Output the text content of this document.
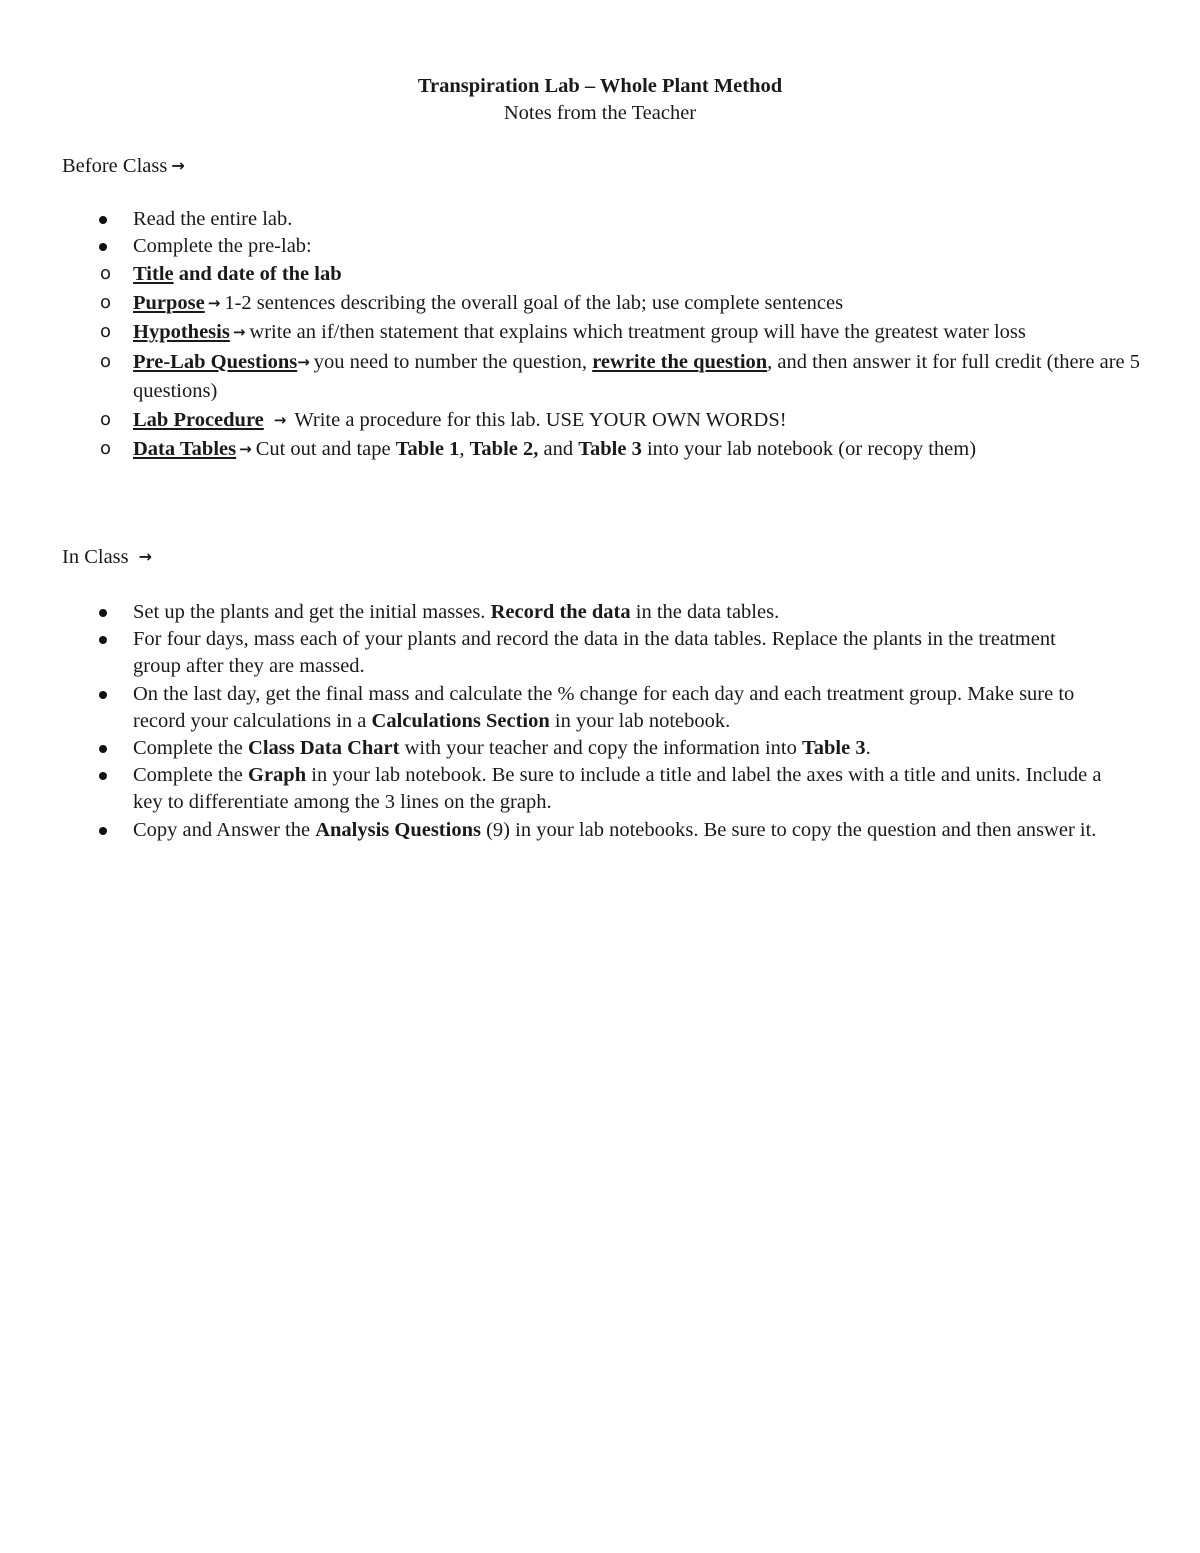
Transpiration Lab – Whole Plant Method
Notes from the Teacher
Before Class →
Read the entire lab.
Complete the pre-lab:
o Title and date of the lab
o Purpose → 1-2 sentences describing the overall goal of the lab; use complete sentences
o Hypothesis → write an if/then statement that explains which treatment group will have the greatest water loss
o Pre-Lab Questions→ you need to number the question, rewrite the question, and then answer it for full credit (there are 5 questions)
o Lab Procedure → Write a procedure for this lab. USE YOUR OWN WORDS!
o Data Tables → Cut out and tape Table 1, Table 2, and Table 3 into your lab notebook (or recopy them)
In Class →
Set up the plants and get the initial masses. Record the data in the data tables.
For four days, mass each of your plants and record the data in the data tables. Replace the plants in the treatment group after they are massed.
On the last day, get the final mass and calculate the % change for each day and each treatment group. Make sure to record your calculations in a Calculations Section in your lab notebook.
Complete the Class Data Chart with your teacher and copy the information into Table 3.
Complete the Graph in your lab notebook. Be sure to include a title and label the axes with a title and units. Include a key to differentiate among the 3 lines on the graph.
Copy and Answer the Analysis Questions (9) in your lab notebooks. Be sure to copy the question and then answer it.
